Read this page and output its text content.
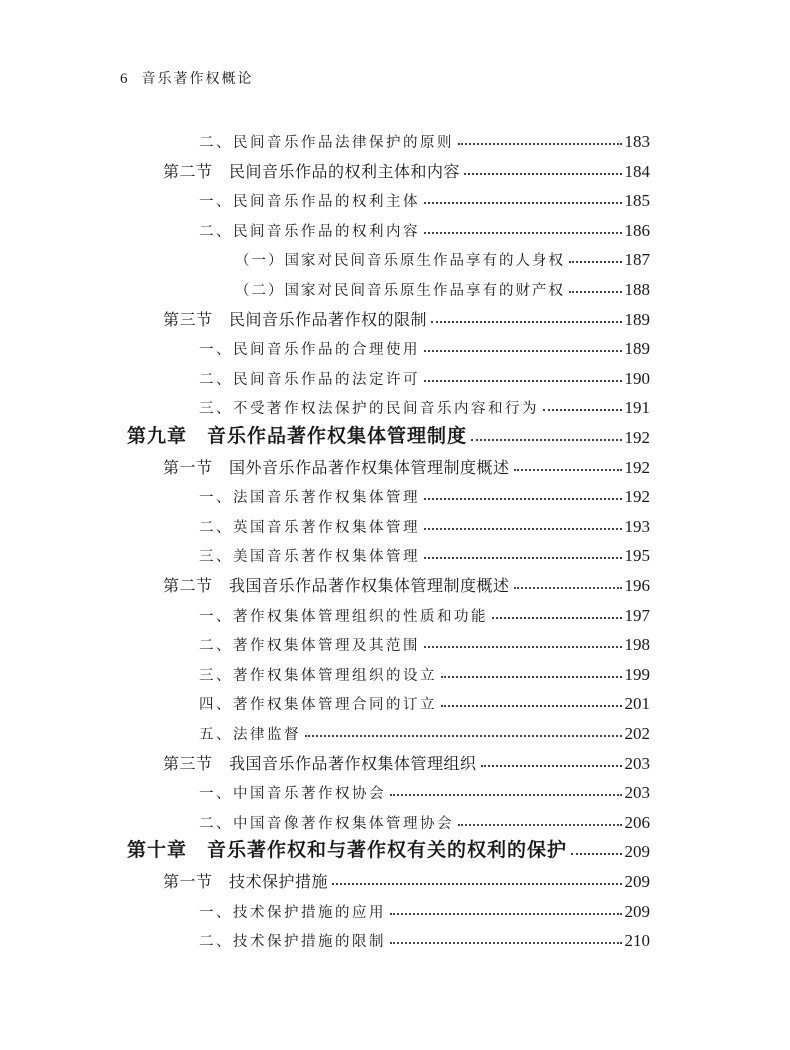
6 音乐著作权概论
二、民间音乐作品法律保护的原则	183
第二节　民间音乐作品的权利主体和内容	184
一、民间音乐作品的权利主体	185
二、民间音乐作品的权利内容	186
（一）国家对民间音乐原生作品享有的人身权	187
（二）国家对民间音乐原生作品享有的财产权	188
第三节　民间音乐作品著作权的限制	189
一、民间音乐作品的合理使用	189
二、民间音乐作品的法定许可	190
三、不受著作权法保护的民间音乐内容和行为	191
第九章　音乐作品著作权集体管理制度	192
第一节　国外音乐作品著作权集体管理制度概述	192
一、法国音乐著作权集体管理	192
二、英国音乐著作权集体管理	193
三、美国音乐著作权集体管理	195
第二节　我国音乐作品著作权集体管理制度概述	196
一、著作权集体管理组织的性质和功能	197
二、著作权集体管理及其范围	198
三、著作权集体管理组织的设立	199
四、著作权集体管理合同的订立	201
五、法律监督	202
第三节　我国音乐作品著作权集体管理组织	203
一、中国音乐著作权协会	203
二、中国音像著作权集体管理协会	206
第十章　音乐著作权和与著作权有关的权利的保护	209
第一节　技术保护措施	209
一、技术保护措施的应用	209
二、技术保护措施的限制	210
